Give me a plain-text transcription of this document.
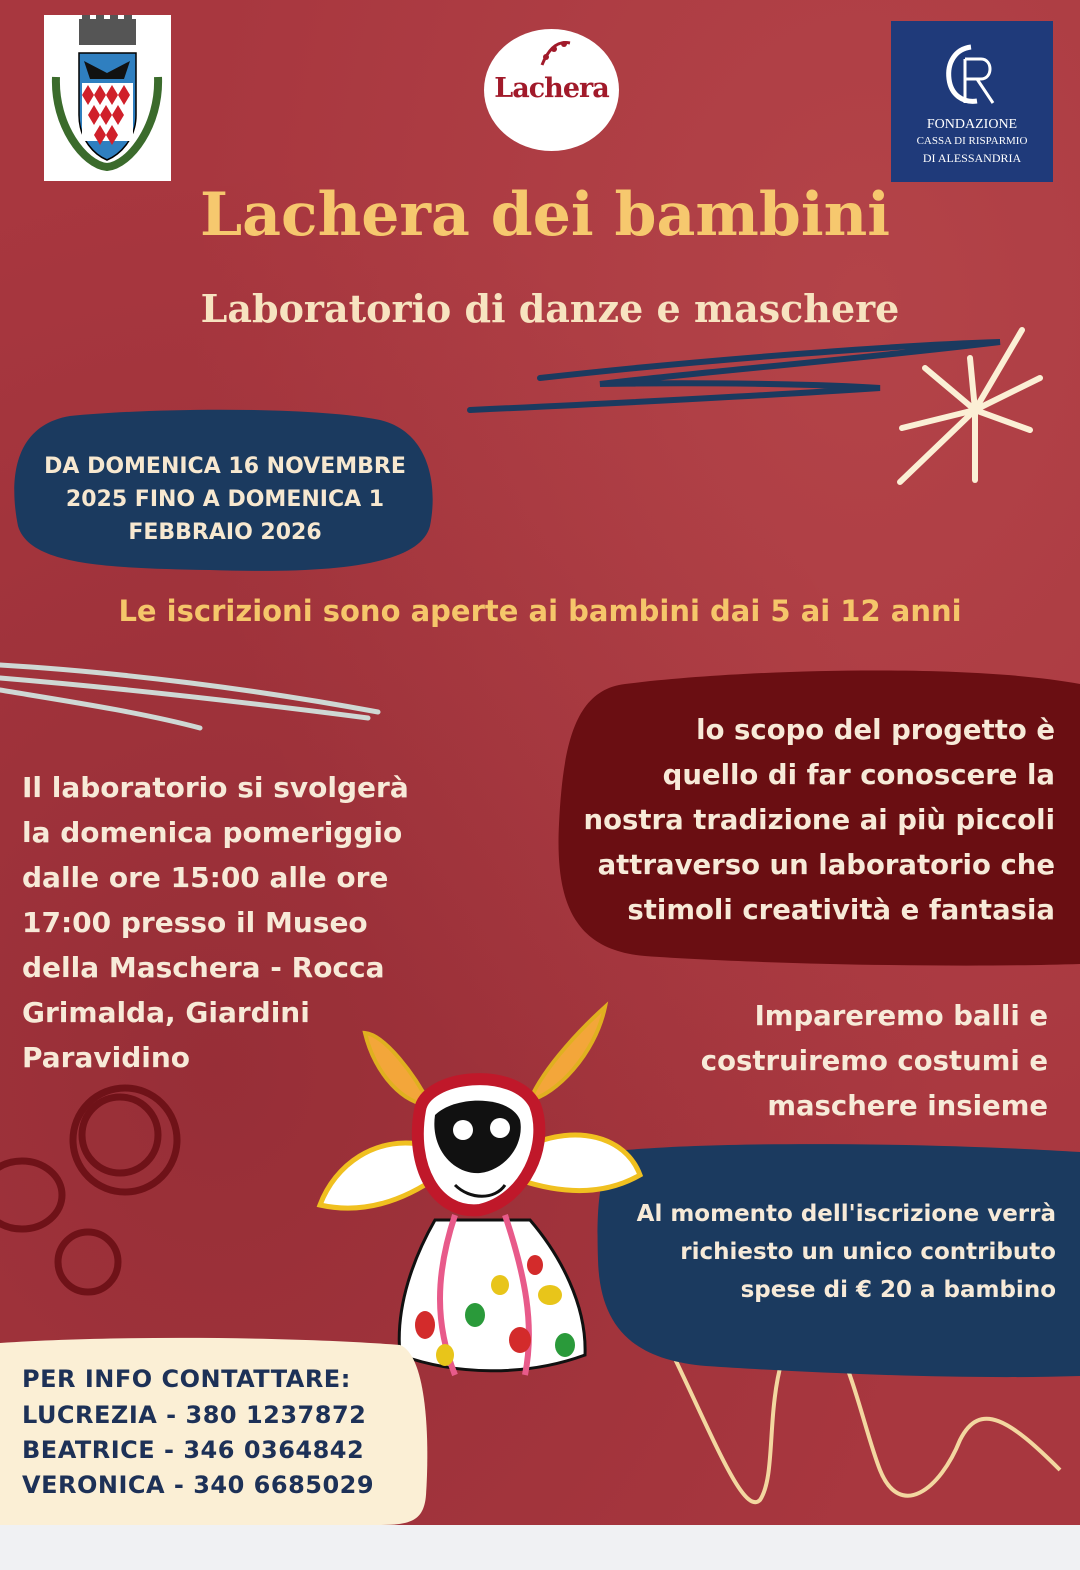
Lachera
FONDAZIONE
CASSA DI RISPARMIO
DI ALESSANDRIA
Lachera dei bambini
Laboratorio di danze e maschere
DA DOMENICA 16 NOVEMBRE
2025 FINO A DOMENICA 1
FEBBRAIO 2026
Le iscrizioni sono aperte ai bambini dai 5 ai 12 anni
Il laboratorio si svolgerà
la domenica pomeriggio
dalle ore 15:00 alle ore
17:00 presso il Museo
della Maschera - Rocca
Grimalda, Giardini
Paravidino
lo scopo del progetto è
quello di far conoscere la
nostra tradizione ai più piccoli
attraverso un laboratorio che
stimoli creatività e fantasia
Impareremo balli e
costruiremo costumi e
maschere insieme
Al momento dell'iscrizione verrà
richiesto un unico contributo
spese di € 20 a bambino
PER INFO CONTATTARE:
LUCREZIA - 380 1237872
BEATRICE - 346 0364842
VERONICA - 340 6685029
